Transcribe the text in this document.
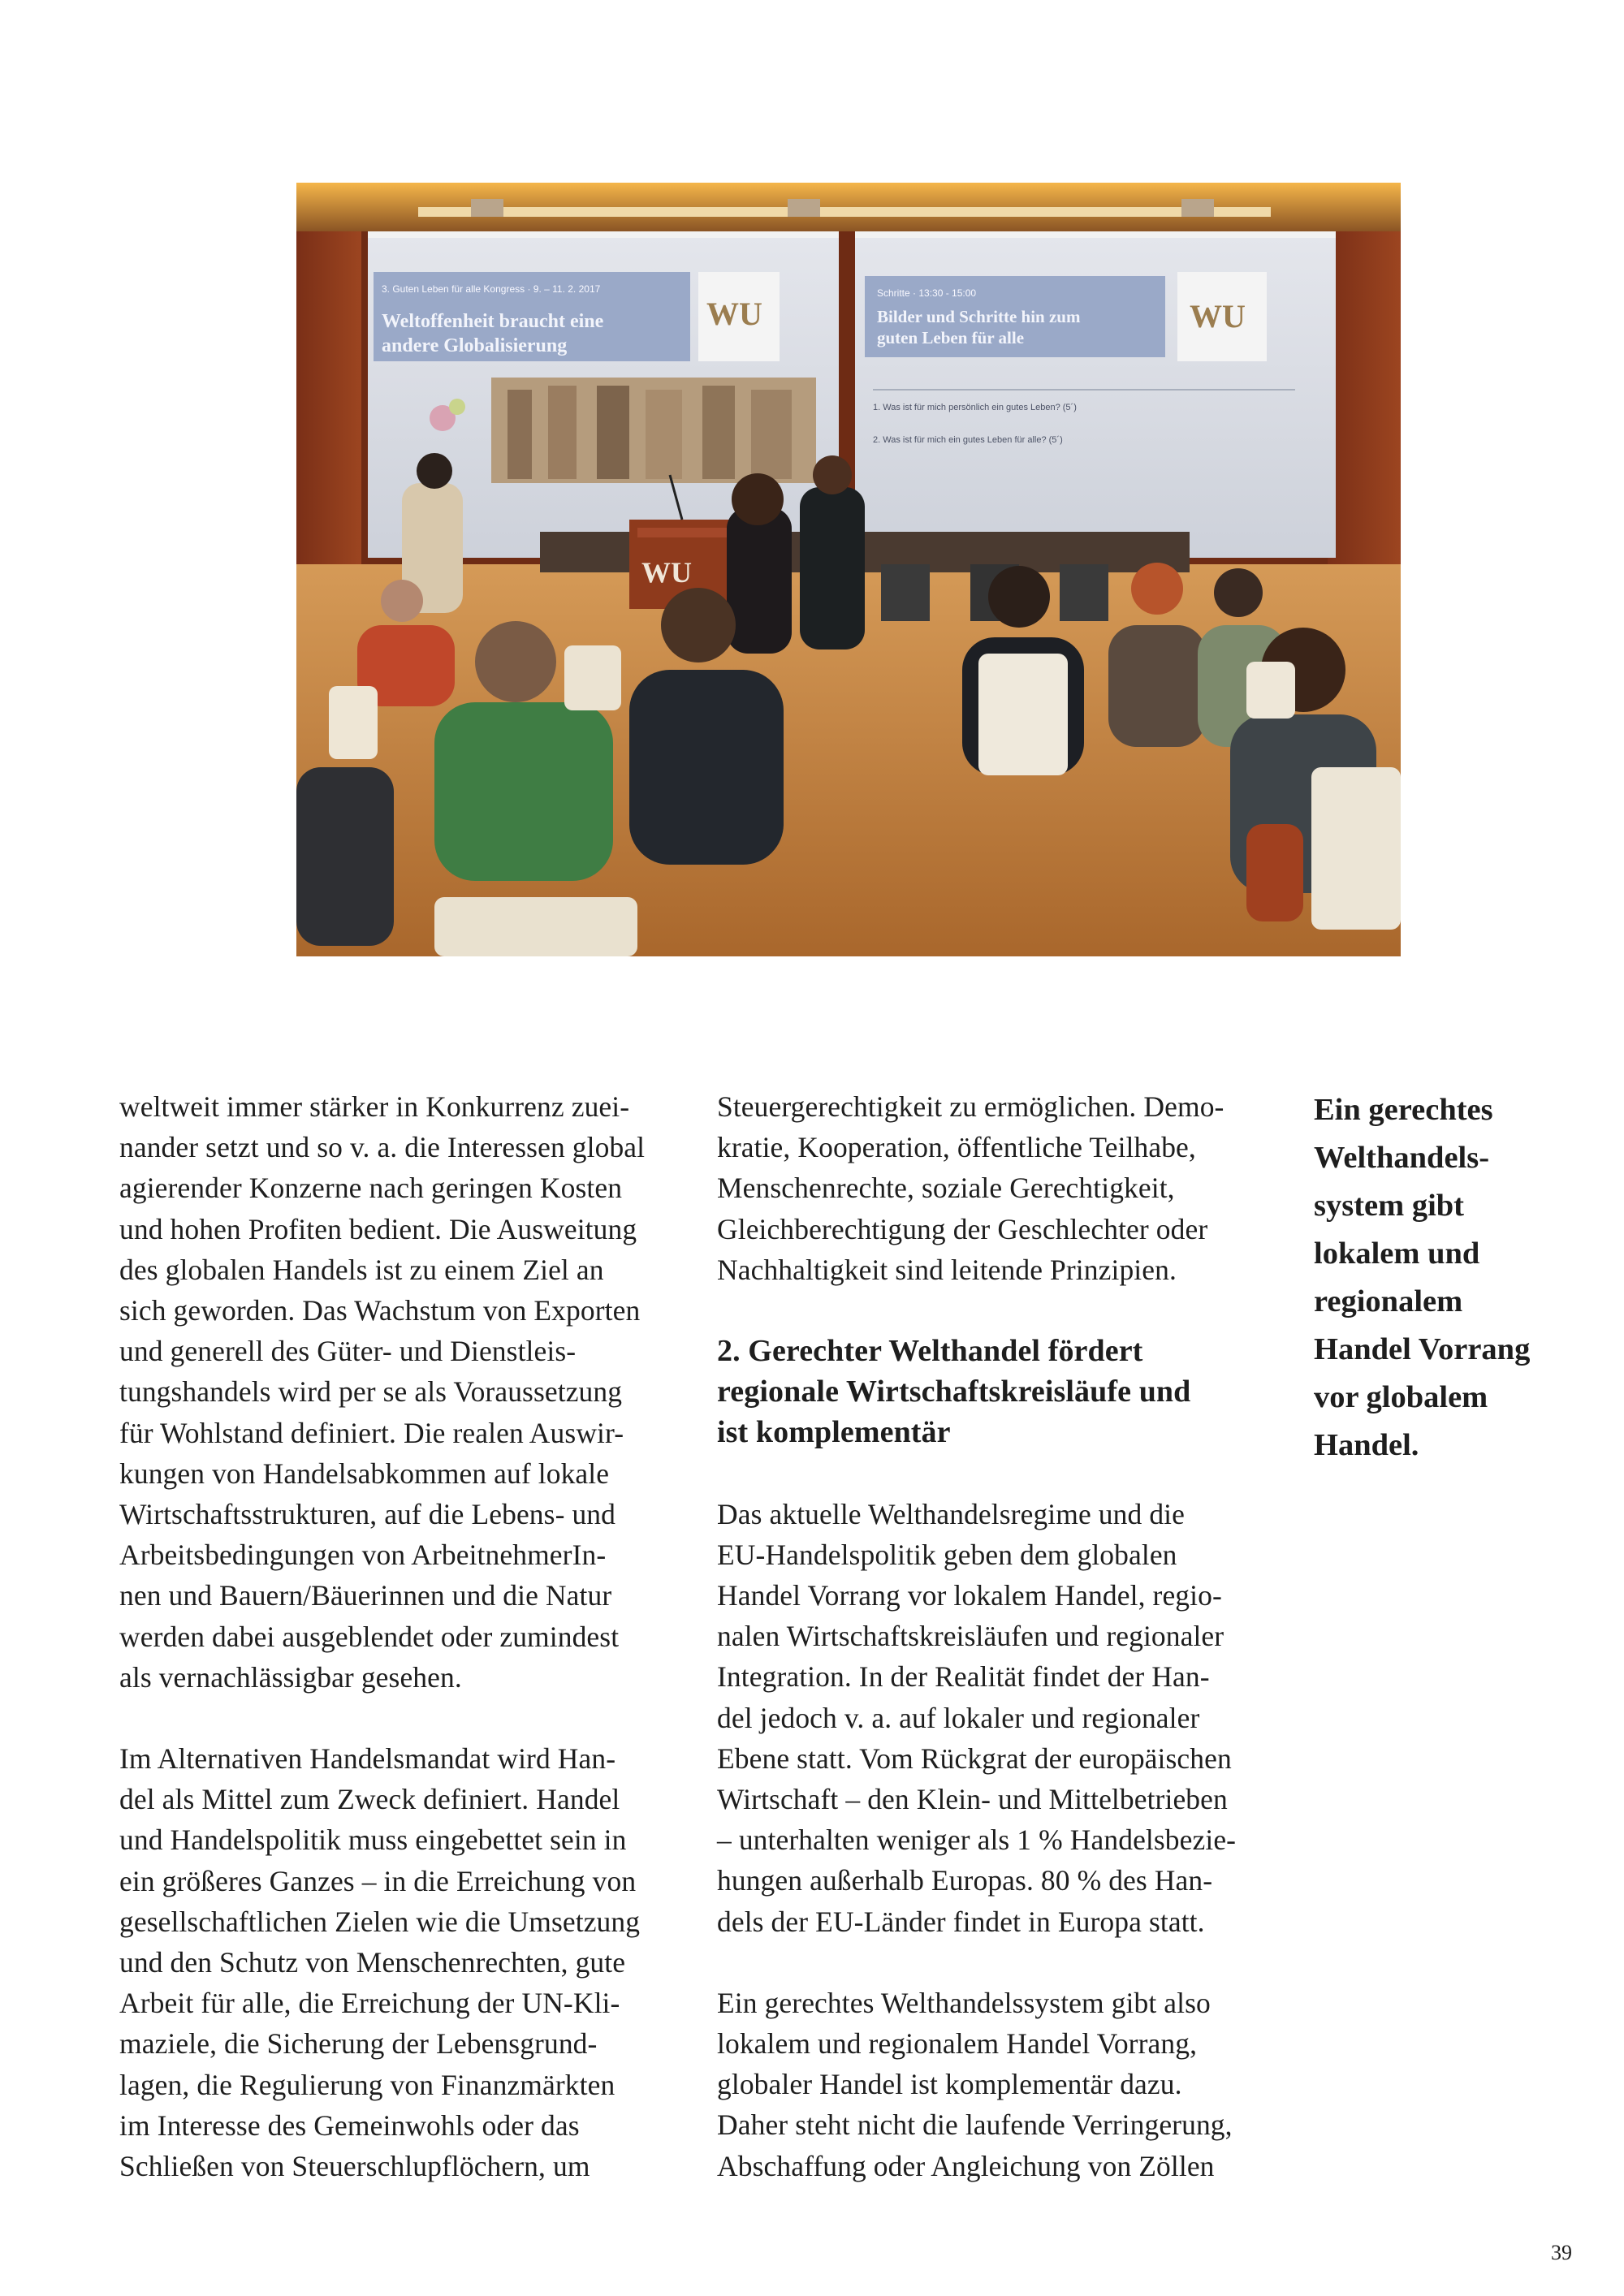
3. Guten Leben für alle Kongress · 9. – 11. 2. 2017
Weltoffenheit braucht eine
andere Globalisierung
WU
Schritte · 13:30 - 15:00
Bilder und Schritte hin zum
guten Leben für alle
WU
1. Was ist für mich persönlich ein gutes Leben? (5´)
2. Was ist für mich ein gutes Leben für alle? (5´)
WU

weltweit immer stärker in Konkurrenz zuei-
nander setzt und so v. a. die Interessen global
agierender Konzerne nach geringen Kosten
und hohen Profiten bedient. Die Ausweitung
des globalen Handels ist zu einem Ziel an
sich geworden. Das Wachstum von Exporten
und generell des Güter- und Dienstleis-
tungshandels wird per se als Voraussetzung
für Wohlstand definiert. Die realen Auswir-
kungen von Handelsabkommen auf lokale
Wirtschaftsstrukturen, auf die Lebens- und
Arbeitsbedingungen von ArbeitnehmerIn-
nen und Bauern/Bäuerinnen und die Natur
werden dabei ausgeblendet oder zumindest
als vernachlässigbar gesehen.

Im Alternativen Handelsmandat wird Han-
del als Mittel zum Zweck definiert. Handel
und Handelspolitik muss eingebettet sein in
ein größeres Ganzes – in die Erreichung von
gesellschaftlichen Zielen wie die Umsetzung
und den Schutz von Menschenrechten, gute
Arbeit für alle, die Erreichung der UN-Kli-
maziele, die Sicherung der Lebensgrund-
lagen, die Regulierung von Finanzmärkten
im Interesse des Gemeinwohls oder das
Schließen von Steuerschlupflöchern, um

Steuergerechtigkeit zu ermöglichen. Demo-
kratie, Kooperation, öffentliche Teilhabe,
Menschenrechte, soziale Gerechtigkeit,
Gleichberechtigung der Geschlechter oder
Nachhaltigkeit sind leitende Prinzipien.

2. Gerechter Welthandel fördert
regionale Wirtschaftskreisläufe und
ist komplementär

Das aktuelle Welthandelsregime und die
EU-Handelspolitik geben dem globalen
Handel Vorrang vor lokalem Handel, regio-
nalen Wirtschaftskreisläufen und regionaler
Integration. In der Realität findet der Han-
del jedoch v. a. auf lokaler und regionaler
Ebene statt. Vom Rückgrat der europäischen
Wirtschaft – den Klein- und Mittelbetrieben
– unterhalten weniger als 1 % Handelsbezie-
hungen außerhalb Europas. 80 % des Han-
dels der EU-Länder findet in Europa statt.

Ein gerechtes Welthandelssystem gibt also
lokalem und regionalem Handel Vorrang,
globaler Handel ist komplementär dazu.
Daher steht nicht die laufende Verringerung,
Abschaffung oder Angleichung von Zöllen

Ein gerechtes
Welthandels-
system gibt
lokalem und
regionalem
Handel Vorrang
vor globalem
Handel.
39
